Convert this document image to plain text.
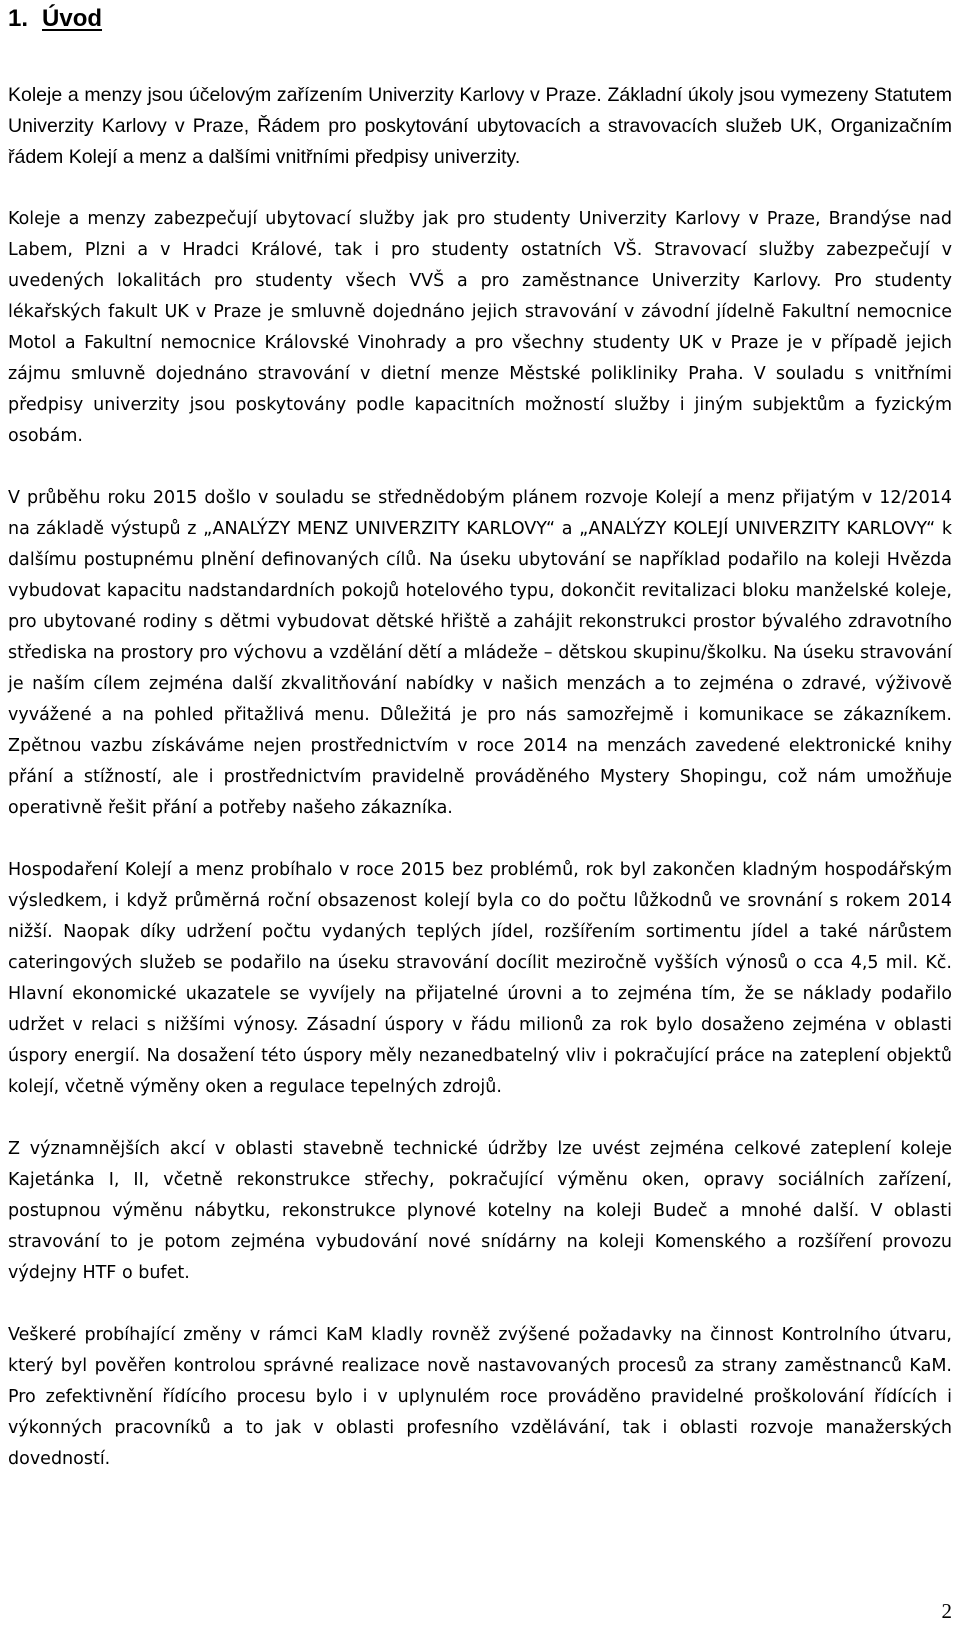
1. Úvod

Koleje a menzy jsou účelovým zařízením Univerzity Karlovy v Praze. Základní úkoly jsou vymezeny Statutem Univerzity Karlovy v Praze, Řádem pro poskytování ubytovacích a stravovacích služeb UK, Organizačním řádem Kolejí a menz a dalšími vnitřními předpisy univerzity.

Koleje a menzy zabezpečují ubytovací služby jak pro studenty Univerzity Karlovy v Praze, Brandýse nad Labem, Plzni a v Hradci Králové, tak i pro studenty ostatních VŠ. Stravovací služby zabezpečují v uvedených lokalitách pro studenty všech VVŠ a pro zaměstnance Univerzity Karlovy. Pro studenty lékařských fakult UK v Praze je smluvně dojednáno jejich stravování v závodní jídelně Fakultní nemocnice Motol a Fakultní nemocnice Královské Vinohrady a pro všechny studenty UK v Praze je v případě jejich zájmu smluvně dojednáno stravování v dietní menze Městské polikliniky Praha. V souladu s vnitřními předpisy univerzity jsou poskytovány podle kapacitních možností služby i jiným subjektům a fyzickým osobám.

V průběhu roku 2015 došlo v souladu se střednědobým plánem rozvoje Kolejí a menz přijatým v 12/2014 na základě výstupů z „ANALÝZY MENZ UNIVERZITY KARLOVY“ a „ANALÝZY KOLEJÍ UNIVERZITY KARLOVY“ k dalšímu postupnému plnění definovaných cílů. Na úseku ubytování se například podařilo na koleji Hvězda vybudovat kapacitu nadstandardních pokojů hotelového typu, dokončit revitalizaci bloku manželské koleje, pro ubytované rodiny s dětmi vybudovat dětské hřiště a zahájit rekonstrukci prostor bývalého zdravotního střediska na prostory pro výchovu a vzdělání dětí a mládeže – dětskou skupinu/školku. Na úseku stravování je naším cílem zejména další zkvalitňování nabídky v našich menzách a to zejména o zdravé, výživově vyvážené a na pohled přitažlivá menu. Důležitá je pro nás samozřejmě i komunikace se zákazníkem. Zpětnou vazbu získáváme nejen prostřednictvím v roce 2014 na menzách zavedené elektronické knihy přání a stížností, ale i prostřednictvím pravidelně prováděného Mystery Shopingu, což nám umožňuje operativně řešit přání a potřeby našeho zákazníka.

Hospodaření Kolejí a menz probíhalo v roce 2015 bez problémů, rok byl zakončen kladným hospodářským výsledkem, i když průměrná roční obsazenost kolejí byla co do počtu lůžkodnů ve srovnání s rokem 2014 nižší. Naopak díky udržení počtu vydaných teplých jídel, rozšířením sortimentu jídel a také nárůstem cateringových služeb se podařilo na úseku stravování docílit meziročně vyšších výnosů o cca 4,5 mil. Kč. Hlavní ekonomické ukazatele se vyvíjely na přijatelné úrovni a to zejména tím, že se náklady podařilo udržet v relaci s nižšími výnosy. Zásadní úspory v řádu milionů za rok bylo dosaženo zejména v oblasti úspory energií. Na dosažení této úspory měly nezanedbatelný vliv i pokračující práce na zateplení objektů kolejí, včetně výměny oken a regulace tepelných zdrojů.

Z významnějších akcí v oblasti stavebně technické údržby lze uvést zejména celkové zateplení koleje Kajetánka I, II, včetně rekonstrukce střechy, pokračující výměnu oken, opravy sociálních zařízení, postupnou výměnu nábytku, rekonstrukce plynové kotelny na koleji Budeč a mnohé další. V oblasti stravování to je potom zejména vybudování nové snídárny na koleji Komenského a rozšíření provozu výdejny HTF o bufet.

Veškeré probíhající změny v rámci KaM kladly rovněž zvýšené požadavky na činnost Kontrolního útvaru, který byl pověřen kontrolou správné realizace nově nastavovaných procesů za strany zaměstnanců KaM. Pro zefektivnění řídícího procesu bylo i v uplynulém roce prováděno pravidelné proškolování řídících i výkonných pracovníků a to jak v oblasti profesního vzdělávání, tak i oblasti rozvoje manažerských dovedností.

2
